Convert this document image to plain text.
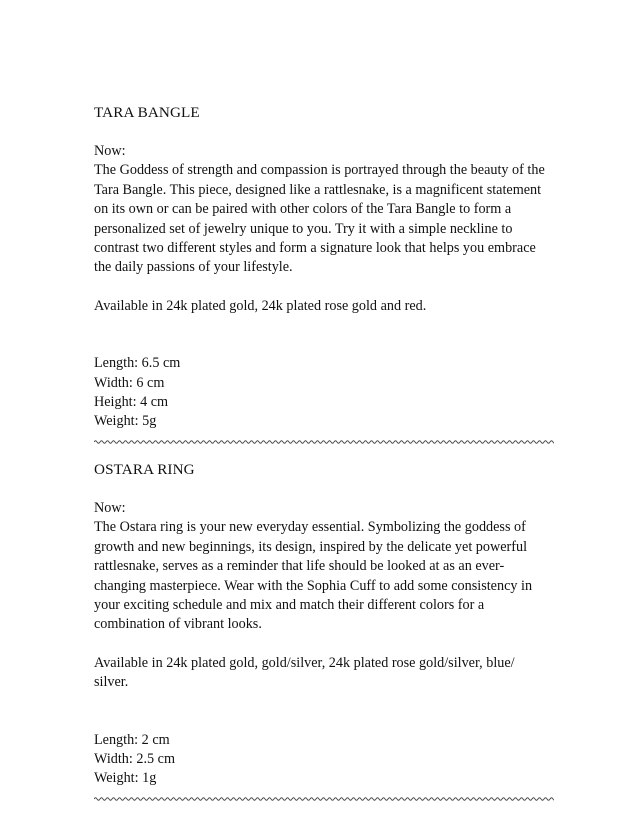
TARA BANGLE

Now:

The Goddess of strength and compassion is portrayed through the beauty of the Tara Bangle. This piece, designed like a rattlesnake, is a magnificent statement on its own or can be paired with other colors of the Tara Bangle to form a personalized set of jewelry unique to you. Try it with a simple neckline to contrast two different styles and form a signature look that helps you embrace the daily passions of your lifestyle.

Available in 24k plated gold, 24k plated rose gold and red.

Length: 6.5 cm

Width: 6 cm

Height: 4 cm

Weight: 5g

OSTARA RING

Now:

The Ostara ring is your new everyday essential. Symbolizing the goddess of growth and new beginnings, its design, inspired by the delicate yet powerful rattlesnake, serves as a reminder that life should be looked at as an ever-changing masterpiece. Wear with the Sophia Cuff to add some consistency in your exciting schedule and mix and match their different colors for a combination of vibrant looks.

Available in 24k plated gold, gold/silver, 24k plated rose gold/silver, blue/ silver.

Length: 2 cm

Width: 2.5 cm

Weight: 1g
